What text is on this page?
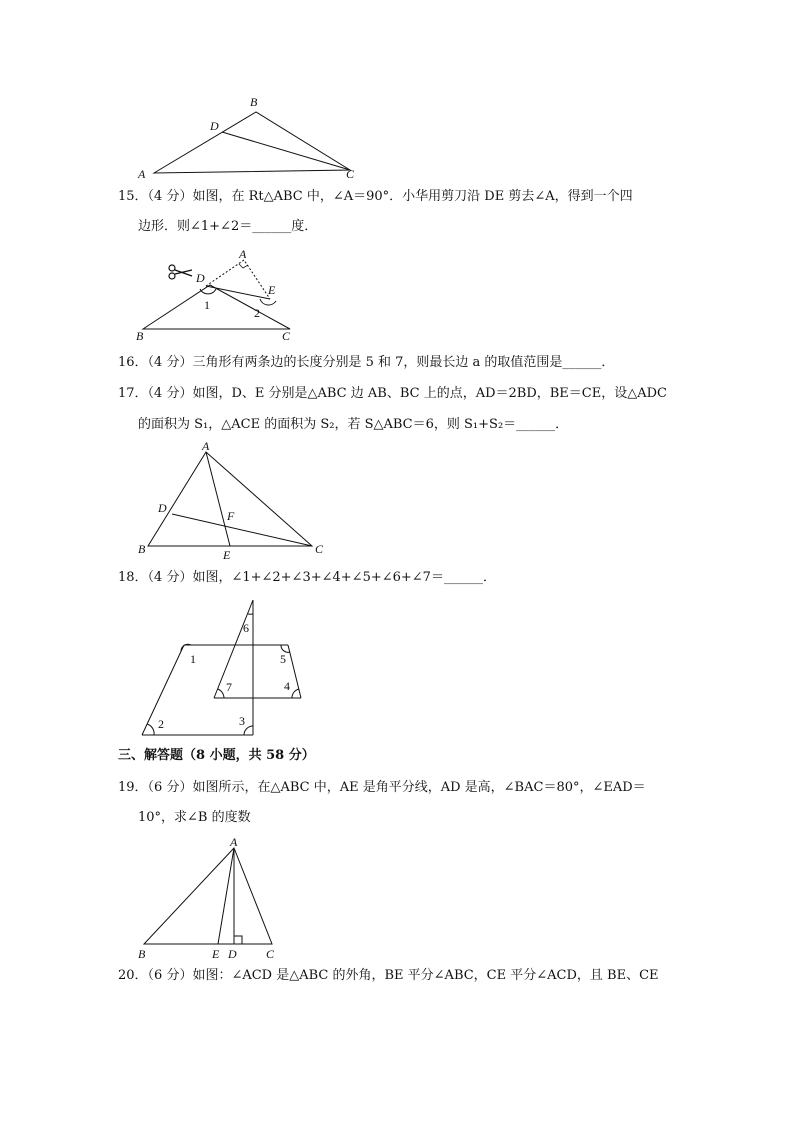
B
D
A	C
15．（4 分）如图，在 Rt△ABC 中，∠A＝90°．小华用剪刀沿 DE 剪去∠A，得到一个四
边形．则∠1+∠2＝______度．
A
D
E
1
2
B	C
16．（4 分）三角形有两条边的长度分别是 5 和 7，则最长边 a 的取值范围是______．
17．（4 分）如图，D、E 分别是△ABC 边 AB、BC 上的点，AD＝2BD，BE＝CE，设△ADC
的面积为 S₁，△ACE 的面积为 S₂，若 S△ABC＝6，则 S₁+S₂＝______．
A
D
F
B	E	C
18．（4 分）如图，∠1+∠2+∠3+∠4+∠5+∠6+∠7＝______．
1
2	3
4
5
6
7
三、解答题（8 小题，共 58 分）
19．（6 分）如图所示，在△ABC 中，AE 是角平分线，AD 是高，∠BAC＝80°，∠EAD＝
10°，求∠B 的度数
A
B	E D C
20．（6 分）如图：∠ACD 是△ABC 的外角，BE 平分∠ABC，CE 平分∠ACD，且 BE、CE
